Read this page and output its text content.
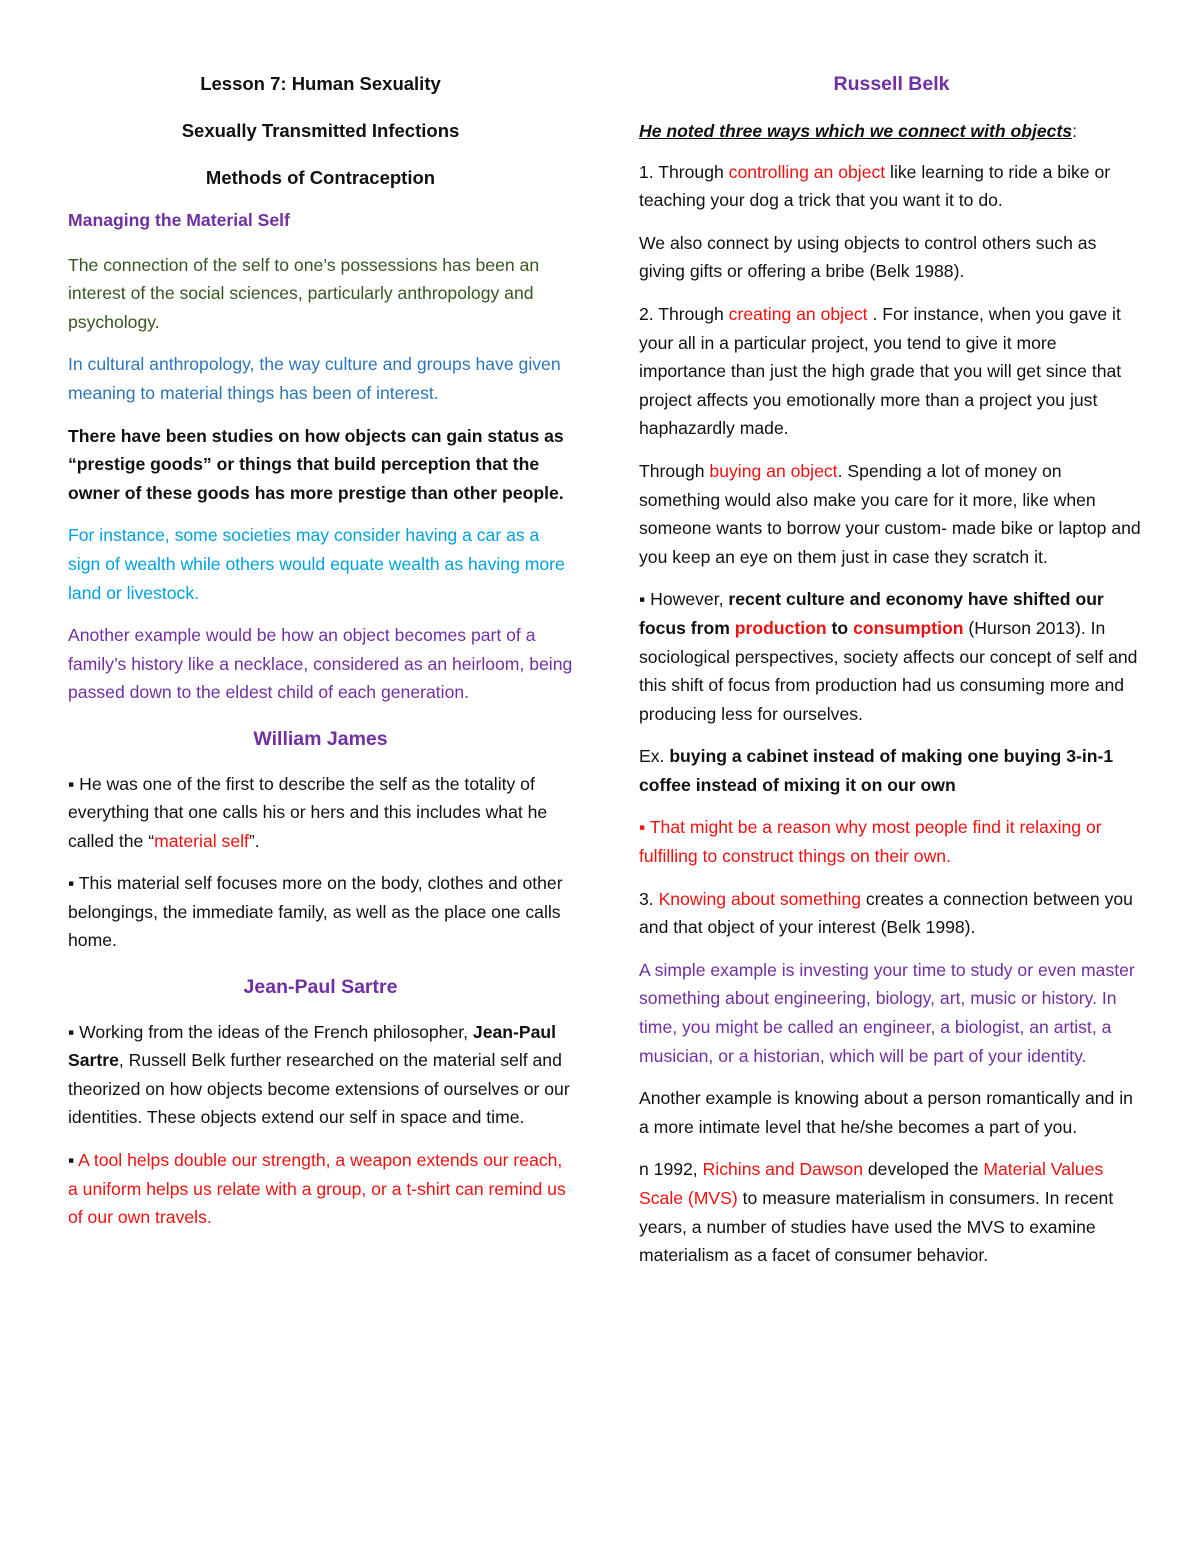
Lesson 7: Human Sexuality

Sexually Transmitted Infections

Methods of Contraception

Managing the Material Self

The connection of the self to one’s possessions has been an interest of the social sciences, particularly anthropology and psychology.

In cultural anthropology, the way culture and groups have given meaning to material things has been of interest.

There have been studies on how objects can gain status as “prestige goods” or things that build perception that the owner of these goods has more prestige than other people.

For instance, some societies may consider having a car as a sign of wealth while others would equate wealth as having more land or livestock.

Another example would be how an object becomes part of a family’s history like a necklace, considered as an heirloom, being passed down to the eldest child of each generation.

William James

▪ He was one of the first to describe the self as the totality of everything that one calls his or hers and this includes what he called the “material self”.

▪ This material self focuses more on the body, clothes and other belongings, the immediate family, as well as the place one calls home.

Jean-Paul Sartre

▪ Working from the ideas of the French philosopher, Jean-Paul Sartre, Russell Belk further researched on the material self and theorized on how objects become extensions of ourselves or our identities. These objects extend our self in space and time.

▪ A tool helps double our strength, a weapon extends our reach, a uniform helps us relate with a group, or a t-shirt can remind us of our own travels.

Russell Belk

He noted three ways which we connect with objects:

1. Through controlling an object like learning to ride a bike or teaching your dog a trick that you want it to do.

We also connect by using objects to control others such as giving gifts or offering a bribe (Belk 1988).

2. Through creating an object . For instance, when you gave it your all in a particular project, you tend to give it more importance than just the high grade that you will get since that project affects you emotionally more than a project you just haphazardly made.

Through buying an object. Spending a lot of money on something would also make you care for it more, like when someone wants to borrow your custom- made bike or laptop and you keep an eye on them just in case they scratch it.

▪ However, recent culture and economy have shifted our focus from production to consumption (Hurson 2013). In sociological perspectives, society affects our concept of self and this shift of focus from production had us consuming more and producing less for ourselves.

Ex. buying a cabinet instead of making one buying 3-in-1 coffee instead of mixing it on our own

▪ That might be a reason why most people find it relaxing or fulfilling to construct things on their own.

3. Knowing about something creates a connection between you and that object of your interest (Belk 1998).

A simple example is investing your time to study or even master something about engineering, biology, art, music or history. In time, you might be called an engineer, a biologist, an artist, a musician, or a historian, which will be part of your identity.

Another example is knowing about a person romantically and in a more intimate level that he/she becomes a part of you.

n 1992, Richins and Dawson developed the Material Values Scale (MVS) to measure materialism in consumers. In recent years, a number of studies have used the MVS to examine materialism as a facet of consumer behavior.
